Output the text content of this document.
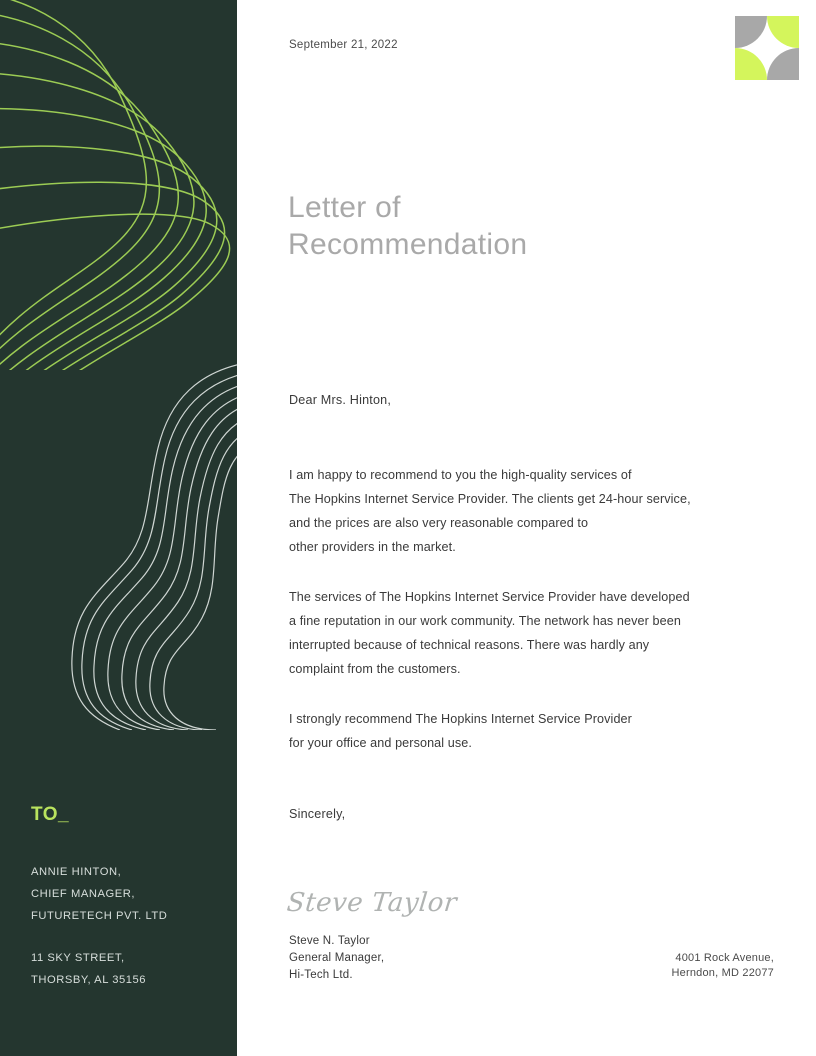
TO_
ANNIE HINTON,
CHIEF MANAGER,
FUTURETECH PVT. LTD
11 SKY STREET,
THORSBY, AL 35156
September 21, 2022
Letter of
Recommendation
Dear Mrs. Hinton,
I am happy to recommend to you the high-quality services of
The Hopkins Internet Service Provider. The clients get 24-hour service,
and the prices are also very reasonable compared to
other providers in the market.
The services of The Hopkins Internet Service Provider have developed
a fine reputation in our work community. The network has never been
interrupted because of technical reasons. There was hardly any
complaint from the customers.
I strongly recommend The Hopkins Internet Service Provider
for your office and personal use.
Sincerely,
Steve Taylor
Steve N. Taylor
General Manager,
Hi-Tech Ltd.
4001 Rock Avenue,
Herndon, MD 22077
